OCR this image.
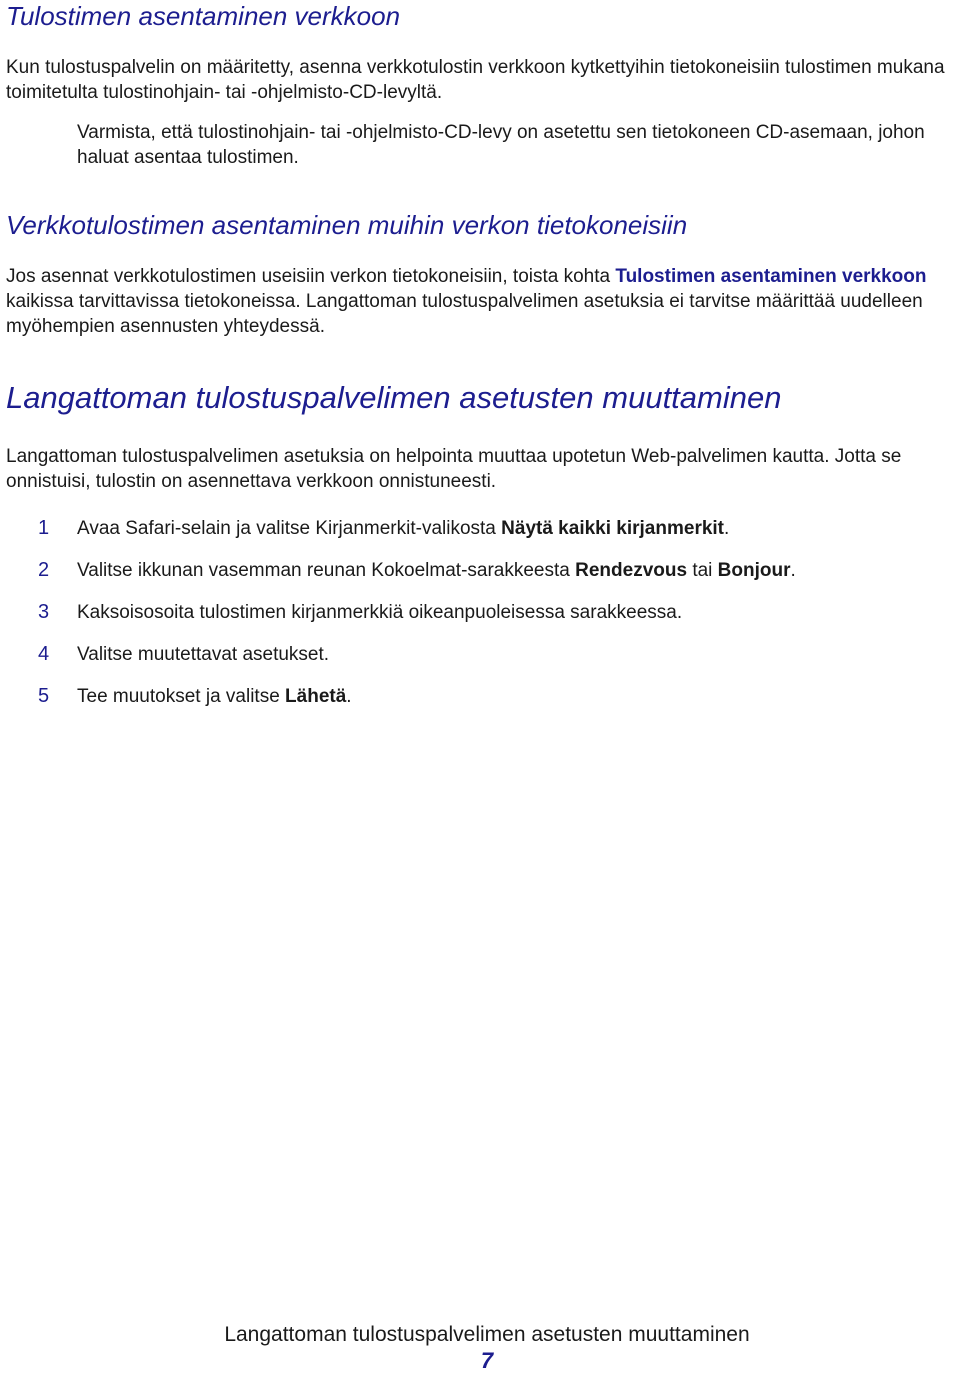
Tulostimen asentaminen verkkoon

Kun tulostuspalvelin on määritetty, asenna verkkotulostin verkkoon kytkettyihin tietokoneisiin tulostimen mukana toimitetulta tulostinohjain- tai -ohjelmisto-CD-levyltä.

Varmista, että tulostinohjain- tai -ohjelmisto-CD-levy on asetettu sen tietokoneen CD-asemaan, johon haluat asentaa tulostimen.

Verkkotulostimen asentaminen muihin verkon tietokoneisiin

Jos asennat verkkotulostimen useisiin verkon tietokoneisiin, toista kohta Tulostimen asentaminen verkkoon kaikissa tarvittavissa tietokoneissa. Langattoman tulostuspalvelimen asetuksia ei tarvitse määrittää uudelleen myöhempien asennusten yhteydessä.

Langattoman tulostuspalvelimen asetusten muuttaminen

Langattoman tulostuspalvelimen asetuksia on helpointa muuttaa upotetun Web-palvelimen kautta. Jotta se onnistuisi, tulostin on asennettava verkkoon onnistuneesti.

1 Avaa Safari-selain ja valitse Kirjanmerkit-valikosta Näytä kaikki kirjanmerkit.
2 Valitse ikkunan vasemman reunan Kokoelmat-sarakkeesta Rendezvous tai Bonjour.
3 Kaksoisosoita tulostimen kirjanmerkkiä oikeanpuoleisessa sarakkeessa.
4 Valitse muutettavat asetukset.
5 Tee muutokset ja valitse Lähetä.
Langattoman tulostuspalvelimen asetusten muuttaminen
7
